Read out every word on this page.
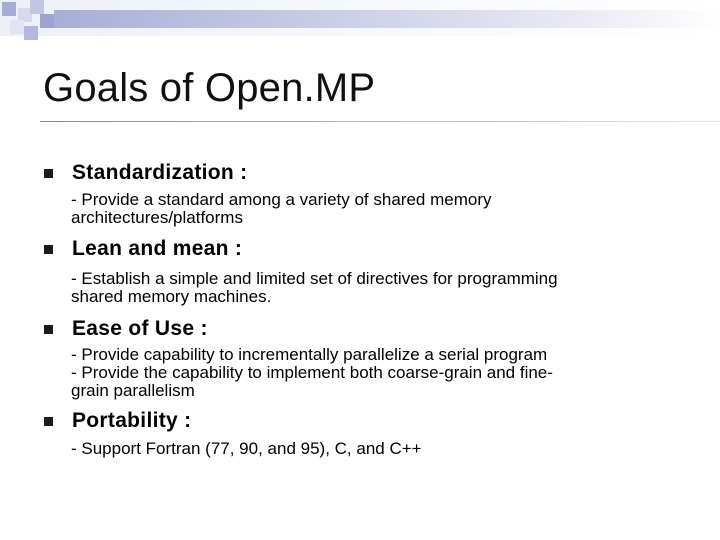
Goals of Open.MP
Standardization :
- Provide a standard among a variety of shared memory
architectures/platforms
Lean and mean :
- Establish a simple and limited set of directives for programming
shared memory machines.
Ease of Use :
- Provide capability to incrementally parallelize a serial program
- Provide the capability to implement both coarse-grain and fine-
grain parallelism
Portability :
- Support Fortran (77, 90, and 95), C, and C++
